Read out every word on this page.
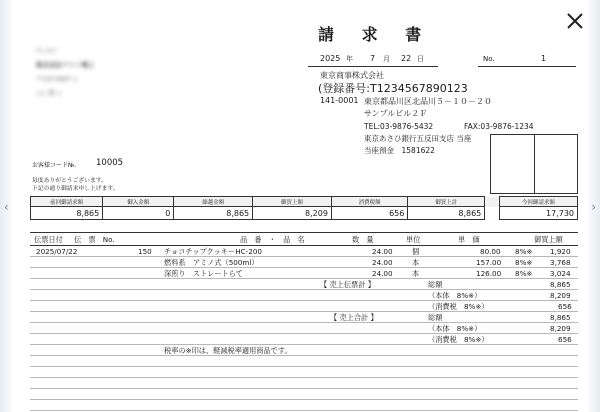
‹	›
請 求 書
ｱﾄﾝ ｶﾝﾌﾞ
株式会社アトン電工
〒123-4567 ○
○○ 様 ○
2025 年 7 月 22 日	No.	1
東京商事株式会社
(登録番号:T1234567890123
141-0001 東京都品川区北品川５－１０－２０
サンプルビル２Ｆ
TEL:03-9876-5432	FAX:03-9876-1234
東京あさひ銀行五反田支店 当座
当座預金　1581622
お客様コード№. 10005
毎度ありがとうございます。
下記の通り御請求申し上げます。
前回御請求額	御入金額	繰越金額	御買上額	消費税額	御買上計		今回御請求額
8,865	0	8,865	8,209	656	8,865		17,730
伝票日付 伝　票　No.	品　番　・　品　名	数　量	単位	単　価	御買上額
2025/07/22	150 チョコチップクッキーHC-200	24.00	個	80.00 8%※ 1,920
燃料系　アミノ式（500ml）	24.00	本	157.00 8%※ 3,768
深煎り　ストレートらて	24.00	本	126.00 8%※ 3,024
【 売上伝票計 】	総額	8,865
（本体　8%※）	8,209
（消費税　8%※）	656
【 売上合計 】	総額	8,865
（本体　8%※）	8,209
（消費税　8%※）	656
税率の※印は、軽減税率適用商品です。
